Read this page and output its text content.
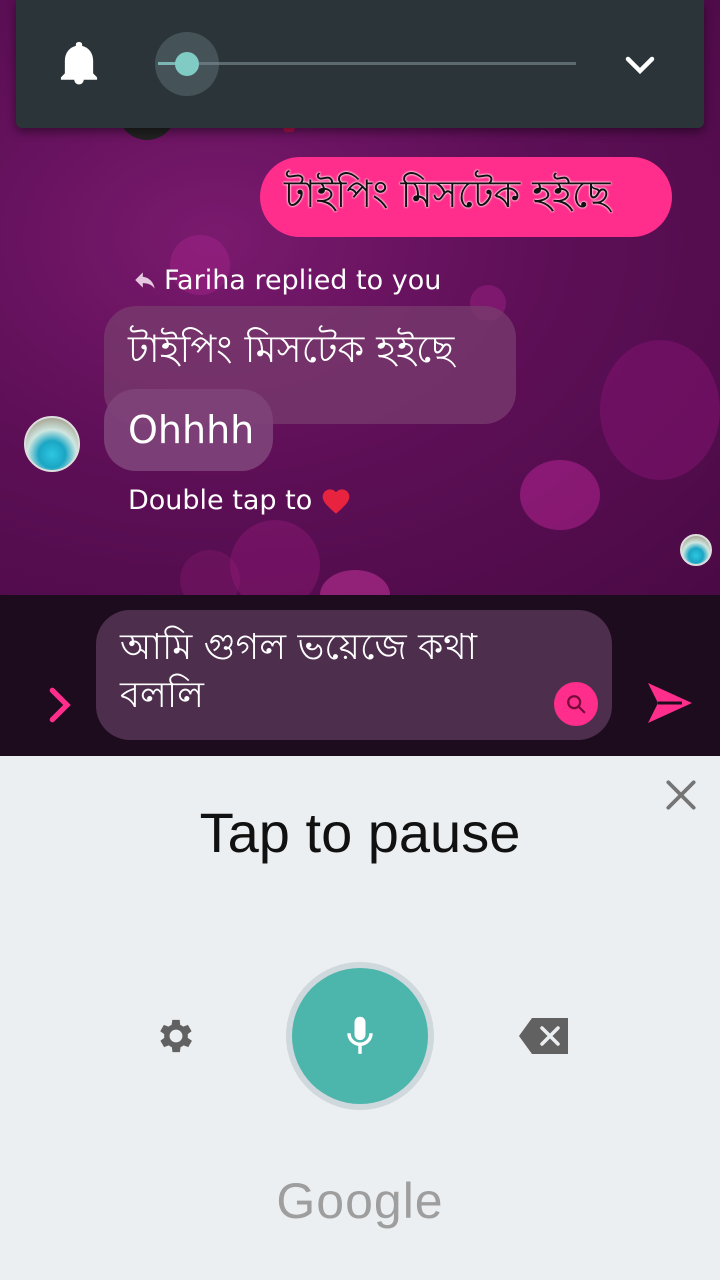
টাইপিং মিসটেক হইছে
Fariha replied to you
টাইপিং মিসটেক হইছে
Ohhhh
Double tap to
আমি গুগল ভয়েজে কথা বললি
Tap to pause
Google
